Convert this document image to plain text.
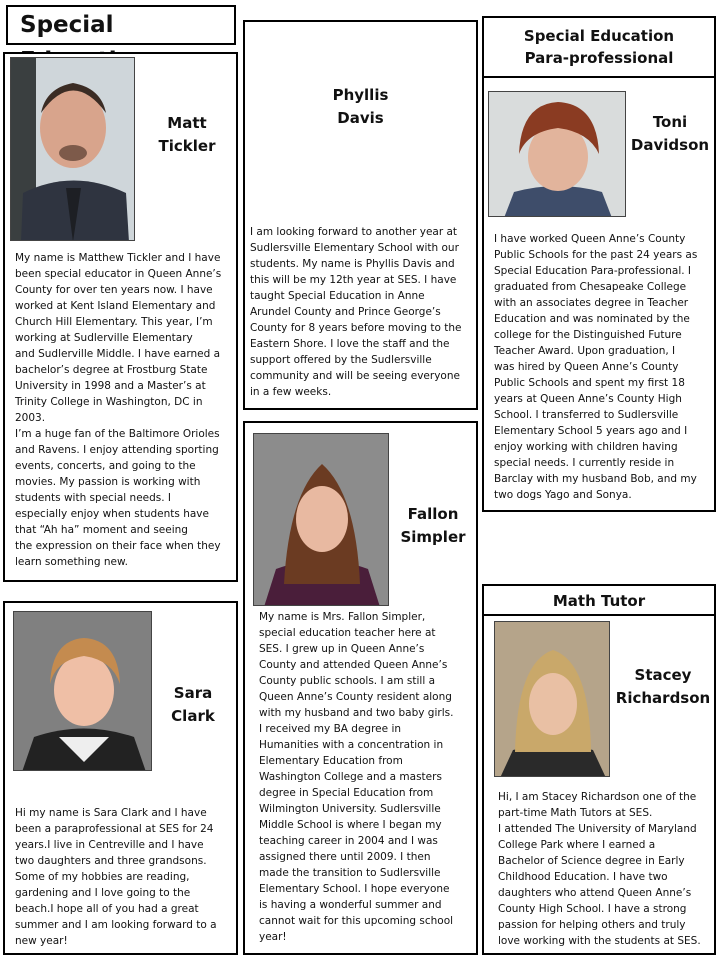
Special
Matt
Tickler
My name is Matthew Tickler and I have
been special educator in Queen Anne’s
County for over ten years now. I have
worked at Kent Island Elementary and
Church Hill Elementary. This year, I’m
working at Sudlerville Elementary
and Sudlerville Middle. I have earned a
bachelor’s degree at Frostburg State
University in 1998 and a Master’s at
Trinity College in Washington, DC in
2003.
I’m a huge fan of the Baltimore Orioles
and Ravens. I enjoy attending sporting
events, concerts, and going to the
movies. My passion is working with
students with special needs. I
especially enjoy when students have
that “Ah ha” moment and seeing
the expression on their face when they
learn something new.
Phyllis
Davis
I am looking forward to another year at
Sudlersville Elementary School with our
students. My name is Phyllis Davis and
this will be my 12th year at SES. I have
taught Special Education in Anne
Arundel County and Prince George’s
County for 8 years before moving to the
Eastern Shore. I love the staff and the
support offered by the Sudlersville
community and will be seeing everyone
in a few weeks.
Special Education
Para-professional
Toni
Davidson
I have worked Queen Anne’s County
Public Schools for the past 24 years as
Special Education Para-professional. I
graduated from Chesapeake College
with an associates degree in Teacher
Education and was nominated by the
college for the Distinguished Future
Teacher Award. Upon graduation, I
was hired by Queen Anne’s County
Public Schools and spent my first 18
years at Queen Anne’s County High
School. I transferred to Sudlersville
Elementary School 5 years ago and I
enjoy working with children having
special needs. I currently reside in
Barclay with my husband Bob, and my
two dogs Yago and Sonya.
Fallon
Simpler
My name is Mrs. Fallon Simpler,
special education teacher here at
SES. I grew up in Queen Anne’s
County and attended Queen Anne’s
County public schools. I am still a
Queen Anne’s County resident along
with my husband and two baby girls.
I received my BA degree in
Humanities with a concentration in
Elementary Education from
Washington College and a masters
degree in Special Education from
Wilmington University. Sudlersville
Middle School is where I began my
teaching career in 2004 and I was
assigned there until 2009. I then
made the transition to Sudlersville
Elementary School. I hope everyone
is having a wonderful summer and
cannot wait for this upcoming school
year!
Sara
Clark
Hi my name is Sara Clark and I have
been a paraprofessional at SES for 24
years.I live in Centreville and I have
two daughters and three grandsons.
Some of my hobbies are reading,
gardening and I love going to the
beach.I hope all of you had a great
summer and I am looking forward to a
new year!
Math Tutor
Stacey
Richardson
Hi, I am Stacey Richardson one of the
part-time Math Tutors at SES.
I attended The University of Maryland
College Park where I earned a
Bachelor of Science degree in Early
Childhood Education. I have two
daughters who attend Queen Anne’s
County High School. I have a strong
passion for helping others and truly
love working with the students at SES.
